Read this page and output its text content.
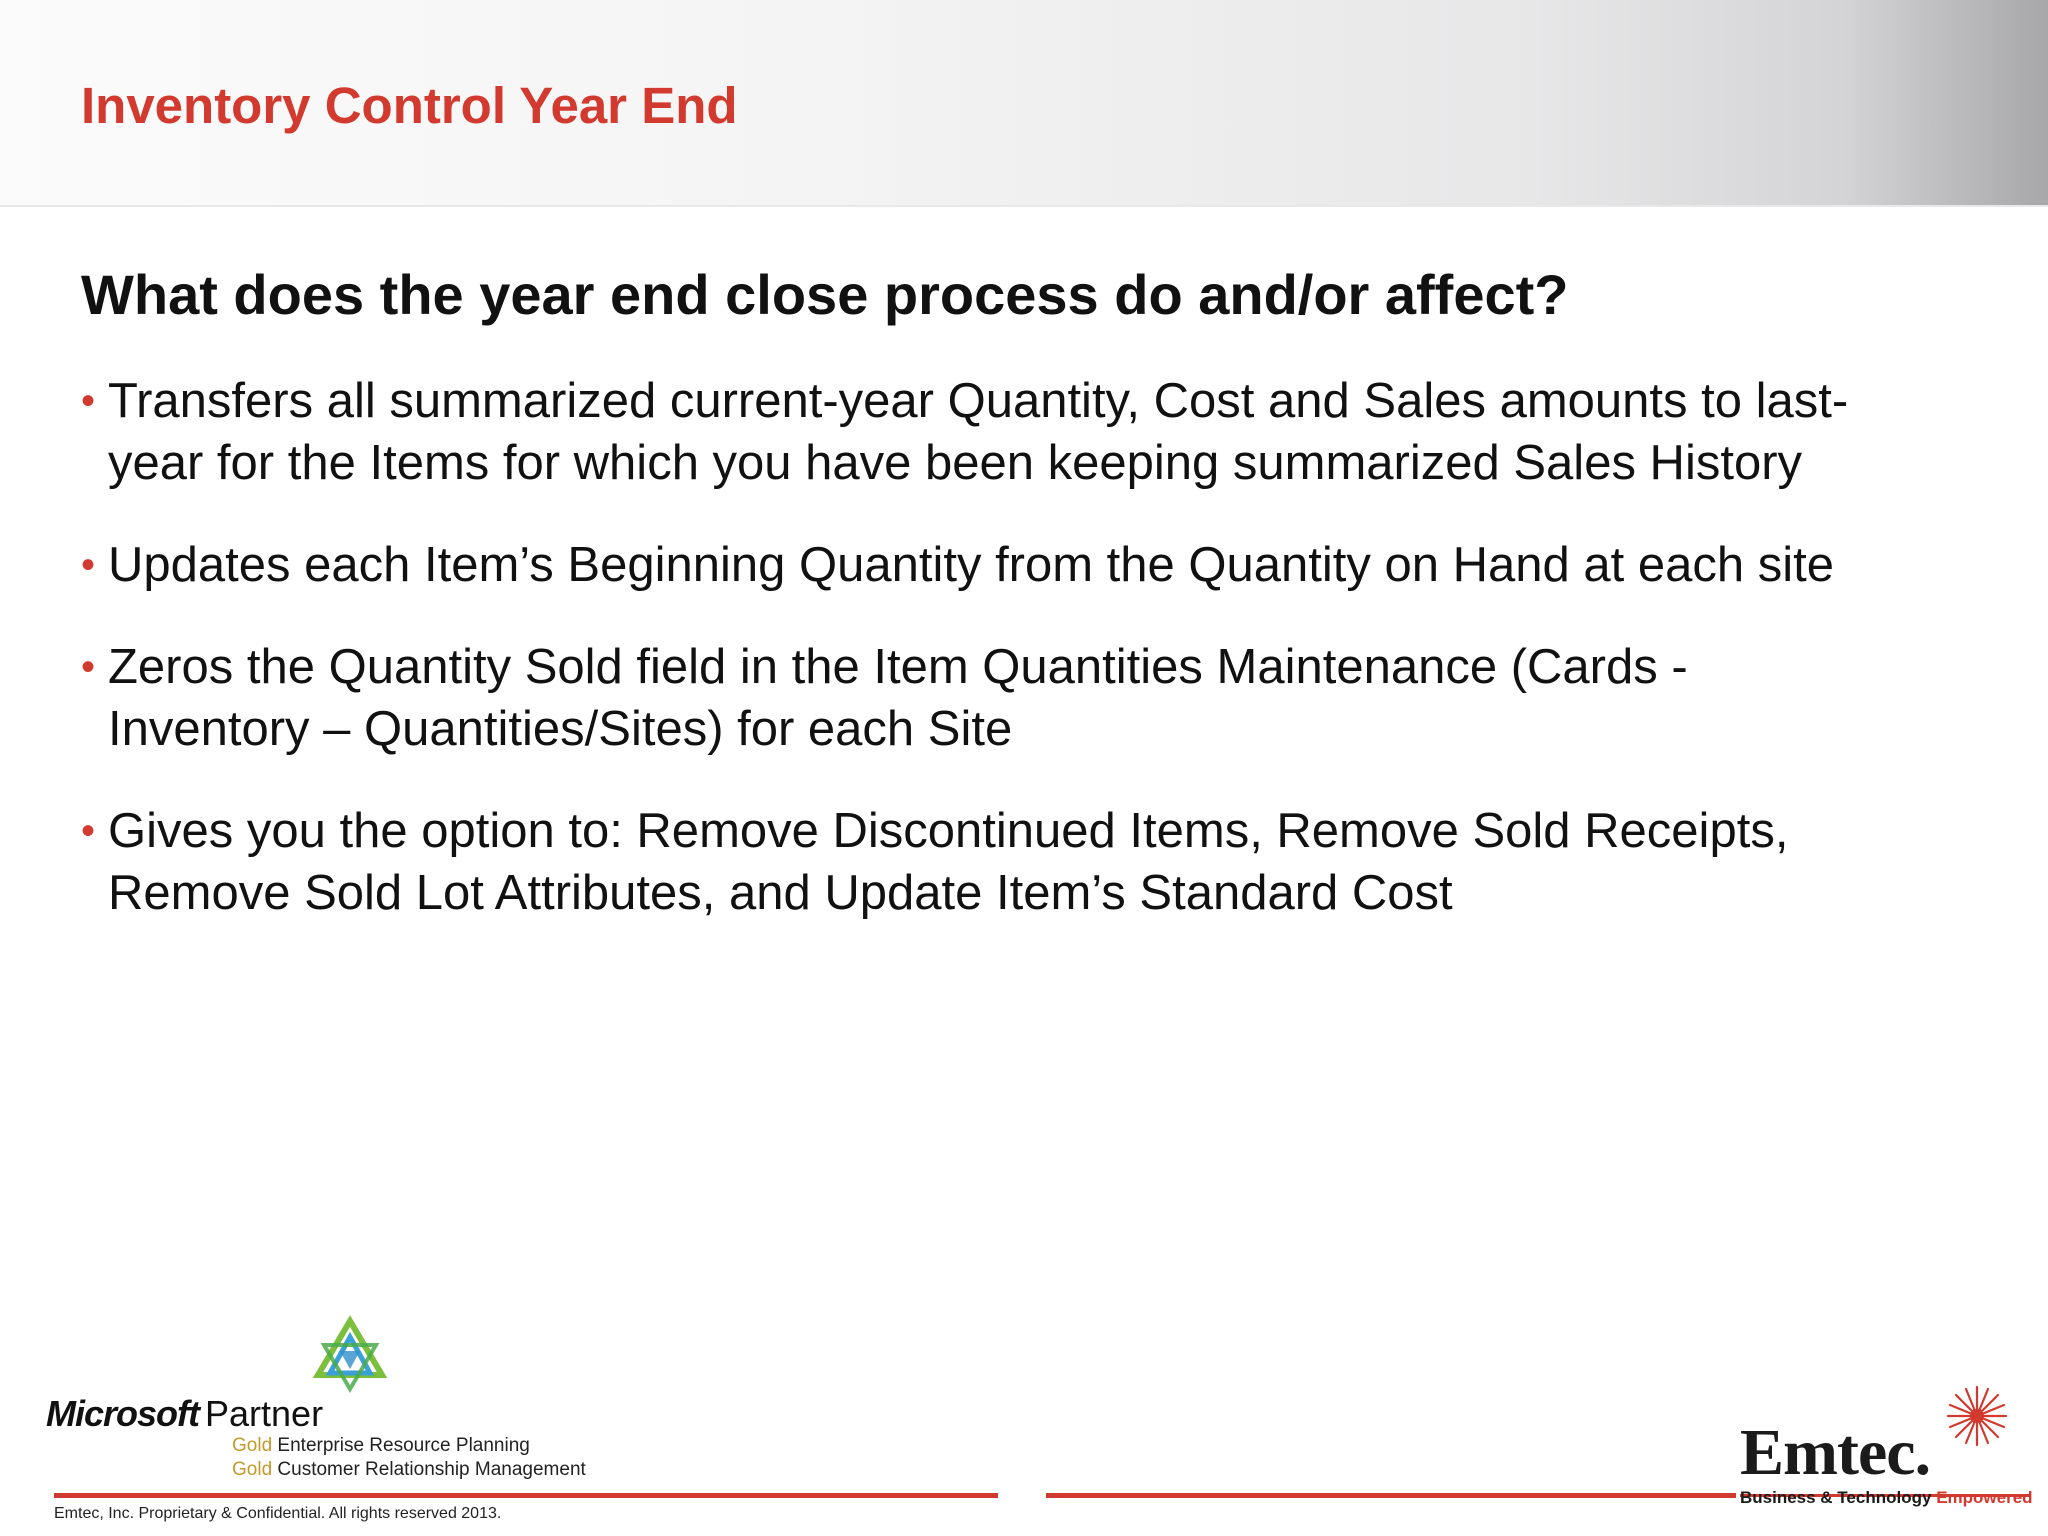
Inventory Control Year End
What does the year end close process do and/or affect?
• Transfers all summarized current-year Quantity, Cost and Sales amounts to last-
year for the Items for which you have been keeping summarized Sales History
• Updates each Item’s Beginning Quantity from the Quantity on Hand at each site
• Zeros the Quantity Sold field in the Item Quantities Maintenance (Cards -
Inventory – Quantities/Sites) for each Site
• Gives you the option to: Remove Discontinued Items, Remove Sold Receipts,
Remove Sold Lot Attributes, and Update Item’s Standard Cost
Microsoft Partner
Gold Enterprise Resource Planning
Gold Customer Relationship Management
Emtec, Inc. Proprietary & Confidential. All rights reserved 2013.
Emtec.
Business & Technology Empowered
